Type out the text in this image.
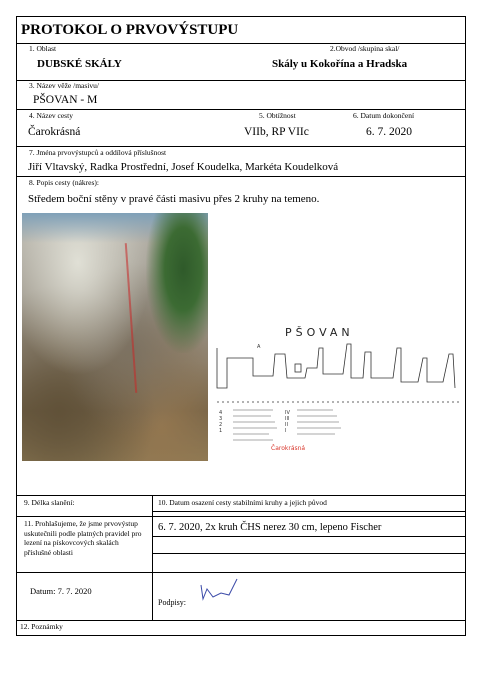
PROTOKOL O PRVOVÝSTUPU
1. Oblast
DUBSKÉ SKÁLY
2.Obvod /skupina skal/
Skály u Kokořína a Hradska
3. Název věže /masivu/
PŠOVAN - M
4. Název cesty
Čarokrásná
5. Obtížnost
VIIb, RP VIIc
6. Datum dokončení
6. 7. 2020
7. Jména prvovýstupců a oddílová příslušnost
Jiří Vltavský, Radka Prostřední, Josef Koudelka, Markéta Koudelková
8. Popis cesty (nákres):
Středem boční stěny v pravé části masivu přes 2 kruhy na temeno.
PŠOVAN
A
4
3
2
1
IV
III
II
I
Čarokrásná
9. Délka slanění:	10. Datum osazení cesty stabilními kruhy a jejich původ
11. Prohlašujeme, že jsme prvovýstup uskutečnili podle platných pravidel pro lezení na pískovcových skalách příslušné oblasti
6. 7. 2020, 2x kruh ČHS nerez 30 cm, lepeno Fischer
Datum: 7. 7. 2020
Podpisy:
12. Poznámky
